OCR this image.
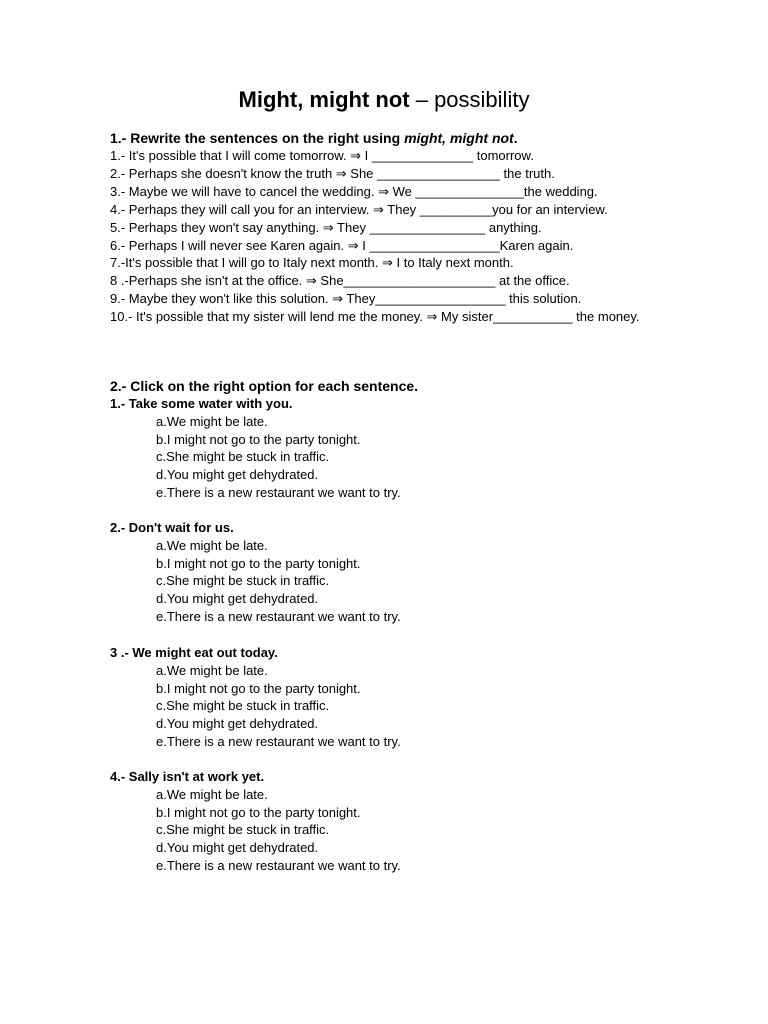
Might, might not – possibility
1.- Rewrite the sentences on the right using might, might not.

1.- It's possible that I will come tomorrow. ⇒ I ______________ tomorrow.

2.- Perhaps she doesn't know the truth ⇒ She _________________ the truth.

3.- Maybe we will have to cancel the wedding. ⇒ We _______________the wedding.

4.- Perhaps they will call you for an interview. ⇒ They __________you for an interview.

5.- Perhaps they won't say anything. ⇒ They ________________ anything.

6.- Perhaps I will never see Karen again. ⇒ I __________________Karen again.

7.-It's possible that I will go to Italy next month. ⇒ I to Italy next month.

8 .-Perhaps she isn't at the office. ⇒ She_____________________ at the office.

9.- Maybe they won't like this solution. ⇒ They__________________ this solution.

10.- It's possible that my sister will lend me the money. ⇒ My sister___________ the money.

2.- Click on the right option for each sentence.

1.- Take some water with you.

a.We might be late.

b.I might not go to the party tonight.

c.She might be stuck in traffic.

d.You might get dehydrated.

e.There is a new restaurant we want to try.

2.- Don't wait for us.

a.We might be late.

b.I might not go to the party tonight.

c.She might be stuck in traffic.

d.You might get dehydrated.

e.There is a new restaurant we want to try.

3 .- We might eat out today.

a.We might be late.

b.I might not go to the party tonight.

c.She might be stuck in traffic.

d.You might get dehydrated.

e.There is a new restaurant we want to try.

4.- Sally isn't at work yet.

a.We might be late.

b.I might not go to the party tonight.

c.She might be stuck in traffic.

d.You might get dehydrated.

e.There is a new restaurant we want to try.
